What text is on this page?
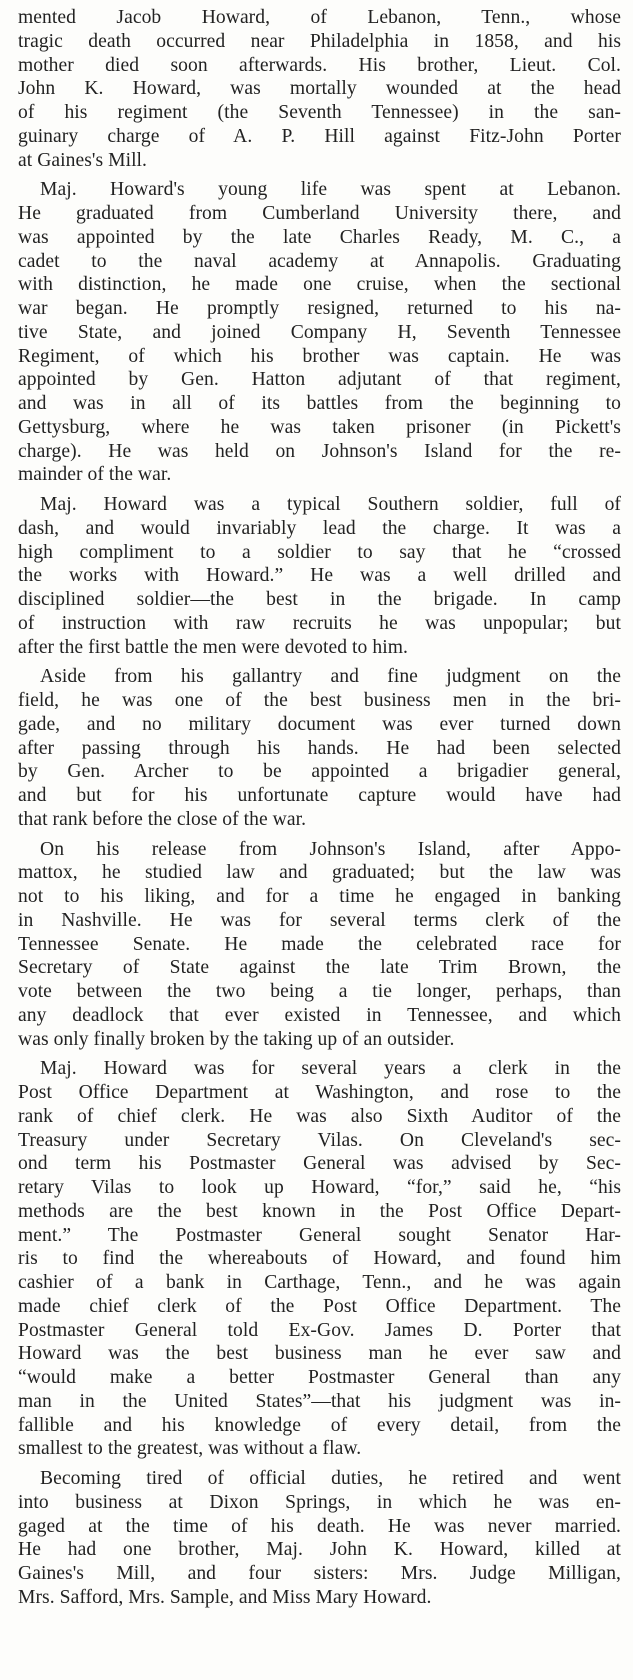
mented Jacob Howard, of Lebanon, Tenn., whose
tragic death occurred near Philadelphia in 1858, and his
mother died soon afterwards. His brother, Lieut. Col.
John K. Howard, was mortally wounded at the head
of his regiment (the Seventh Tennessee) in the san-
guinary charge of A. P. Hill against Fitz-John Porter
at Gaines's Mill.

Maj. Howard's young life was spent at Lebanon.
He graduated from Cumberland University there, and
was appointed by the late Charles Ready, M. C., a
cadet to the naval academy at Annapolis. Graduating
with distinction, he made one cruise, when the sectional
war began. He promptly resigned, returned to his na-
tive State, and joined Company H, Seventh Tennessee
Regiment, of which his brother was captain. He was
appointed by Gen. Hatton adjutant of that regiment,
and was in all of its battles from the beginning to
Gettysburg, where he was taken prisoner (in Pickett's
charge). He was held on Johnson's Island for the re-
mainder of the war.

Maj. Howard was a typical Southern soldier, full of
dash, and would invariably lead the charge. It was a
high compliment to a soldier to say that he “crossed
the works with Howard.” He was a well drilled and
disciplined soldier—the best in the brigade. In camp
of instruction with raw recruits he was unpopular; but
after the first battle the men were devoted to him.

Aside from his gallantry and fine judgment on the
field, he was one of the best business men in the bri-
gade, and no military document was ever turned down
after passing through his hands. He had been selected
by Gen. Archer to be appointed a brigadier general,
and but for his unfortunate capture would have had
that rank before the close of the war.

On his release from Johnson's Island, after Appo-
mattox, he studied law and graduated; but the law was
not to his liking, and for a time he engaged in banking
in Nashville. He was for several terms clerk of the
Tennessee Senate. He made the celebrated race for
Secretary of State against the late Trim Brown, the
vote between the two being a tie longer, perhaps, than
any deadlock that ever existed in Tennessee, and which
was only finally broken by the taking up of an outsider.

Maj. Howard was for several years a clerk in the
Post Office Department at Washington, and rose to the
rank of chief clerk. He was also Sixth Auditor of the
Treasury under Secretary Vilas. On Cleveland's sec-
ond term his Postmaster General was advised by Sec-
retary Vilas to look up Howard, “for,” said he, “his
methods are the best known in the Post Office Depart-
ment.” The Postmaster General sought Senator Har-
ris to find the whereabouts of Howard, and found him
cashier of a bank in Carthage, Tenn., and he was again
made chief clerk of the Post Office Department. The
Postmaster General told Ex-Gov. James D. Porter that
Howard was the best business man he ever saw and
“would make a better Postmaster General than any
man in the United States”—that his judgment was in-
fallible and his knowledge of every detail, from the
smallest to the greatest, was without a flaw.

Becoming tired of official duties, he retired and went
into business at Dixon Springs, in which he was en-
gaged at the time of his death. He was never married.
He had one brother, Maj. John K. Howard, killed at
Gaines's Mill, and four sisters: Mrs. Judge Milligan,
Mrs. Safford, Mrs. Sample, and Miss Mary Howard.
